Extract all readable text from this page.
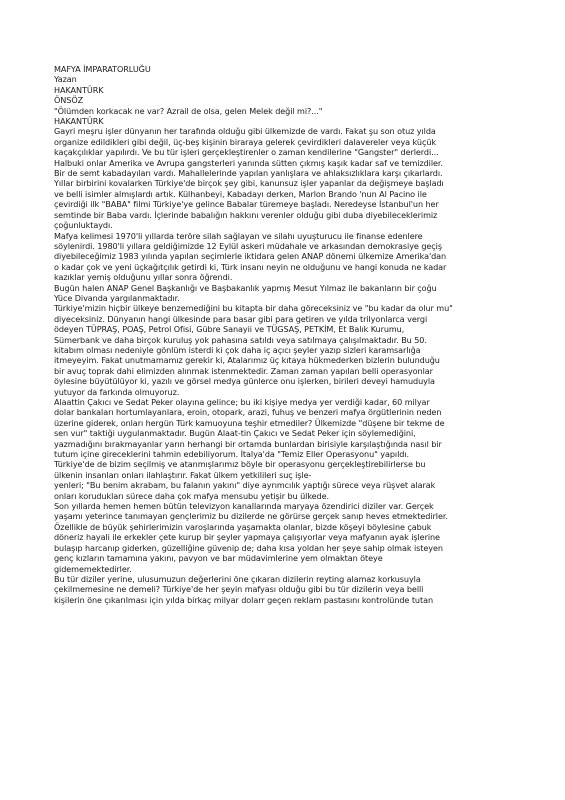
MAFYA İMPARATORLUĞU
Yazan
HAKANTÜRK
ÖNSÖZ
"Ölümden korkacak ne var? Azrail de olsa, gelen Melek değil mi?..."
HAKANTÜRK
Gayri meşru işler dünyanın her tarafında olduğu gibi ülkemizde de vardı. Fakat şu son otuz yılda
organize edildikleri gibi değil, üç-beş kişinin biraraya gelerek çevirdikleri dalavereler veya küçük
kaçakçılıklar yapılırdı. Ve bu tür işleri gerçekleştirenler o zaman kendilerine "Gangster" derlerdi...
Halbuki onlar Amerika ve Avrupa gangsterleri yanında sütten çıkmış kaşık kadar saf ve temizdiler.
Bir de semt kabadayıları vardı. Mahallelerinde yapılan yanlışlara ve ahlaksızlıklara karşı çıkarlardı.
Yıllar birbirini kovalarken Türkiye'de birçok şey gibi, kanunsuz işler yapanlar da değişmeye başladı
ve belli isimler almışlardı artık. Külhanbeyi, Kabadayı derken, Marlon Brando 'nun Al Pacino ile
çevirdiği ilk "BABA" filmi Türkiye'ye gelince Babalar türemeye başladı. Neredeyse İstanbul'un her
semtinde bir Baba vardı. İçlerinde babalığın hakkını verenler olduğu gibi duba diyebileceklerimiz
çoğunluktaydı.
Mafya kelimesi 1970'li yıllarda teröre silah sağlayan ve silahı uyuşturucu ile finanse edenlere
söylenirdi. 1980'li yıllara geldiğimizde 12 Eylül askeri müdahale ve arkasından demokrasiye geçiş
diyebileceğimiz 1983 yılında yapılan seçimlerle iktidara gelen ANAP dönemi ülkemize Amerika'dan
o kadar çok ve yeni üçkağıtçılık getirdi ki, Türk insanı neyin ne olduğunu ve hangi konuda ne kadar
kazıklar yemiş olduğunu yıllar sonra öğrendi.
Bugün halen ANAP Genel Başkanlığı ve Başbakanlık yapmış Mesut Yılmaz ile bakanların bir çoğu
Yüce Divanda yargılanmaktadır.
Türkiye'mizin hiçbir ülkeye benzemediğini bu kitapta bir daha göreceksiniz ve "bu kadar da olur mu"
diyeceksiniz. Dünyanın hangi ülkesinde para basar gibi para getiren ve yılda trilyonlarca vergi
ödeyen TÜPRAŞ, POAŞ, Petrol Ofisi, Gübre Sanayii ve TÜGSAŞ, PETKİM, Et Balık Kurumu,
Sümerbank ve daha birçok kuruluş yok pahasına satıldı veya satılmaya çalışılmaktadır. Bu 50.
kitabım olması nedeniyle gönlüm isterdi ki çok daha iç açıcı şeyler yazıp sizleri karamsarlığa
itmeyeyim. Fakat unutmamamız gerekir ki, Atalarımız üç kıtaya hükmederken bizlerin bulunduğu
bir avuç toprak dahi elimizden alınmak istenmektedir. Zaman zaman yapılan belli operasyonlar
öylesine büyütülüyor ki, yazılı ve görsel medya günlerce onu işlerken, birileri deveyi hamuduyla
yutuyor da farkında olmuyoruz.
Alaattin Çakıcı ve Sedat Peker olayına gelince; bu iki kişiye medya yer verdiği kadar, 60 milyar
dolar bankaları hortumlayanlara, eroin, otopark, arazi, fuhuş ve benzeri mafya örgütlerinin neden
üzerine giderek, onları hergün Türk kamuoyuna teşhir etmediler? Ülkemizde "düşene bir tekme de
sen vur" taktiği uygulanmaktadır. Bugün Alaat-tin Çakıcı ve Sedat Peker için söylemediğini,
yazmadığını bırakmayanlar yarın herhangi bir ortamda bunlardan birisiyle karşılaştığında nasıl bir
tutum içine gireceklerini tahmin edebiliyorum. İtalya'da "Temiz Eller Operasyonu" yapıldı.
Türkiye'de de bizim seçilmiş ve atanmışlarımız böyle bir operasyonu gerçekleştirebilirlerse bu
ülkenin insanları onları ilahlaştırır. Fakat ülkem yetkilileri suç işle-
yenleri; "Bu benim akrabam, bu falanın yakını" diye ayrımcılık yaptığı sürece veya rüşvet alarak
onları korudukları sürece daha çok mafya mensubu yetişir bu ülkede.
Son yıllarda hemen hemen bütün televizyon kanallarında maryaya özendirici diziler var. Gerçek
yaşamı yeterince tanımayan gençlerimiz bu dizilerde ne görürse gerçek sanıp heves etmektedirler.
Özellikle de büyük şehirlerimizin varoşlarında yaşamakta olanlar, bizde köşeyi böylesine çabuk
döneriz hayali ile erkekler çete kurup bir şeyler yapmaya çalışıyorlar veya mafyanın ayak işlerine
bulaşıp harcanıp giderken, güzelliğine güvenip de; daha kısa yoldan her şeye sahip olmak isteyen
genç kızların tamamına yakını, pavyon ve bar müdavimlerine yem olmaktan öteye
gidememektedirler.
Bu tür diziler yerine, ulusumuzun değerlerini öne çıkaran dizilerin reyting alamaz korkusuyla
çekilmemesine ne demeli? Türkiye'de her şeyin mafyası olduğu gibi bu tür dizilerin veya belli
kişilerin öne çıkarılması için yılda birkaç milyar dolarr geçen reklam pastasını kontrolünde tutan
